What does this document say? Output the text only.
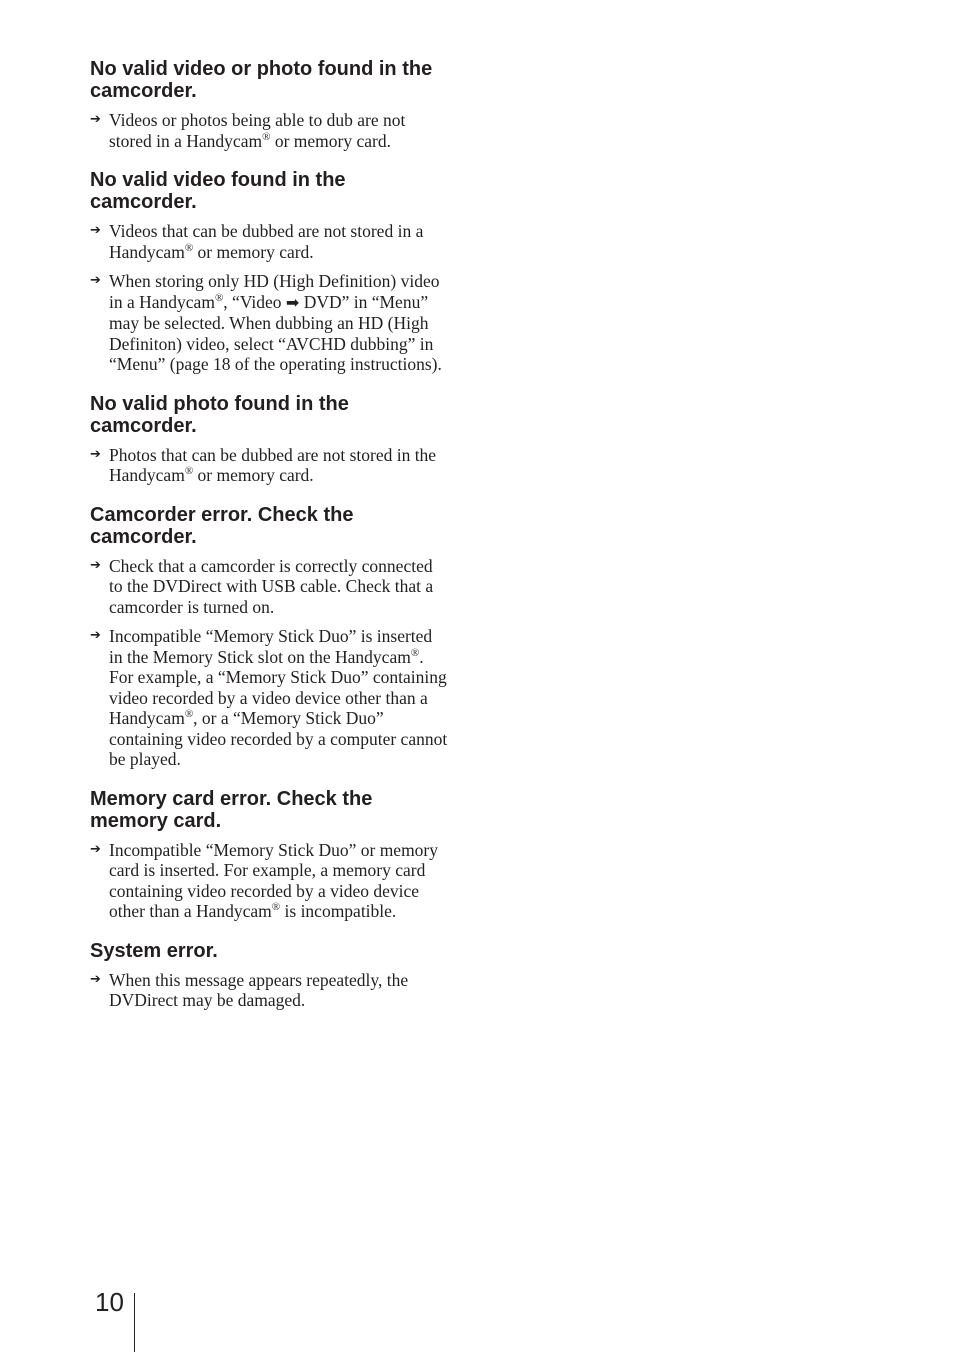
No valid video or photo found in the camcorder.
➔ Videos or photos being able to dub are not stored in a Handycam® or memory card.
No valid video found in the camcorder.
➔ Videos that can be dubbed are not stored in a Handycam® or memory card.
➔ When storing only HD (High Definition) video in a Handycam®, “Video ➡ DVD” in “Menu” may be selected. When dubbing an HD (High Definiton) video, select “AVCHD dubbing” in “Menu” (page 18 of the operating instructions).
No valid photo found in the camcorder.
➔ Photos that can be dubbed are not stored in the Handycam® or memory card.
Camcorder error. Check the camcorder.
➔ Check that a camcorder is correctly connected to the DVDirect with USB cable. Check that a camcorder is turned on.
➔ Incompatible “Memory Stick Duo” is inserted in the Memory Stick slot on the Handycam®. For example, a “Memory Stick Duo” containing video recorded by a video device other than a Handycam®, or a “Memory Stick Duo” containing video recorded by a computer cannot be played.
Memory card error. Check the memory card.
➔ Incompatible “Memory Stick Duo” or memory card is inserted. For example, a memory card containing video recorded by a video device other than a Handycam® is incompatible.
System error.
➔ When this message appears repeatedly, the DVDirect may be damaged.
10
